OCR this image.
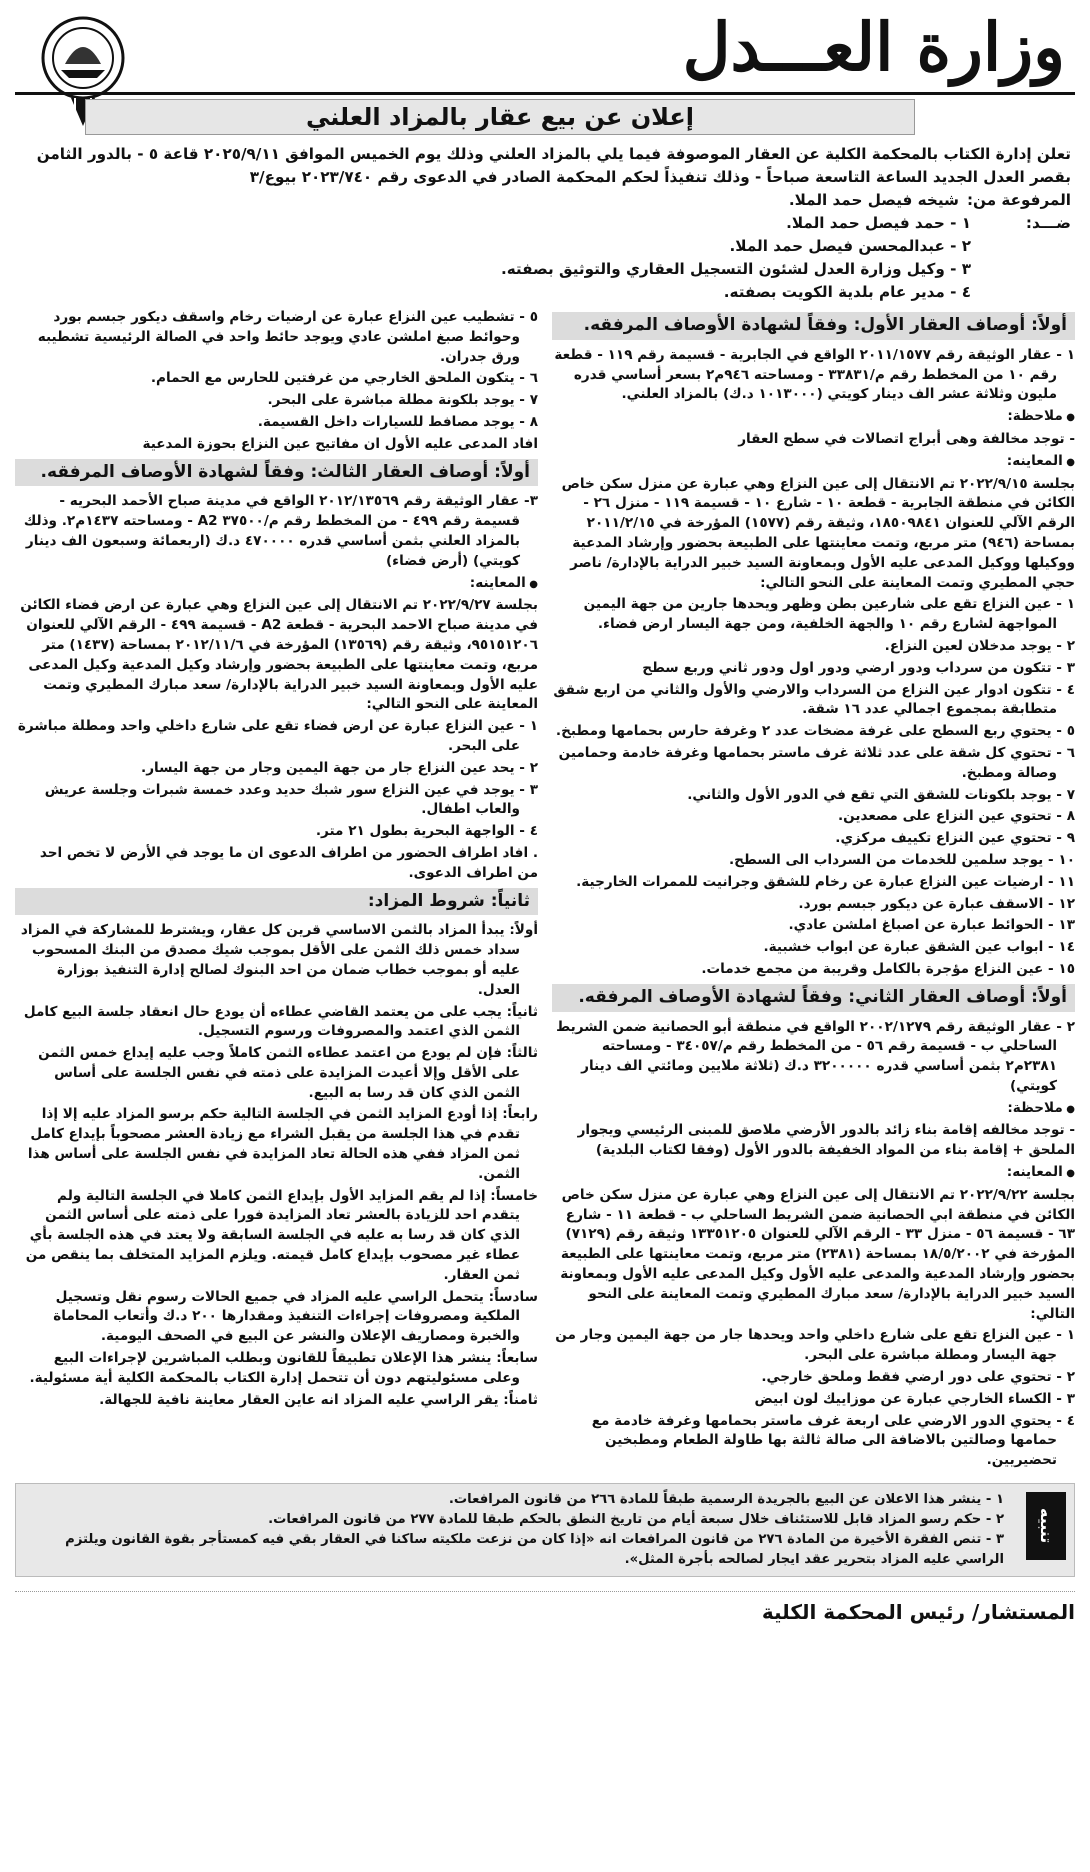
وزارة العـــدل
إعلان عن بيع عقار بالمزاد العلني

تعلن إدارة الكتاب بالمحكمة الكلية عن العقار الموصوفة فيما يلي بالمزاد العلني وذلك يوم الخميس الموافق ٢٠٢٥/٩/١١ قاعة ٥ - بالدور الثامن بقصر العدل الجديد الساعة التاسعة صباحاً - وذلك تنفيذاً لحكم المحكمة الصادر في الدعوى رقم ٢٠٢٣/٧٤٠ بيوع/٣

المرفوعة من:
شيخه فيصل حمد الملا.
ضـــد:
١ - حمد فيصل حمد الملا.

٢ - عبدالمحسن فيصل حمد الملا.

٣ - وكيل وزارة العدل لشئون التسجيل العقاري والتوثيق بصفته.

٤ - مدير عام بلدية الكويت بصفته.

أولاً: أوصاف العقار الأول: وفقاً لشهادة الأوصاف المرفقه.

١ - عقار الوثيقة رقم ٢٠١١/١٥٧٧ الواقع في الجابرية - قسيمة رقم ١١٩ - قطعة رقم ١٠ من المخطط رقم م/٣٣٨٣١ - ومساحته ٩٤٦م٢ بسعر أساسي قدره مليون وثلاثة عشر الف دينار كويتي (١٠١٣٠٠٠ د.ك) بالمزاد العلني.

● ملاحظة:

- توجد مخالفة وهى أبراج اتصالات في سطح العقار

● المعاينه:

بجلسة ٢٠٢٢/٩/١٥ تم الانتقال إلى عين النزاع وهي عبارة عن منزل سكن خاص الكائن في منطقة الجابرية - قطعة ١٠ - شارع ١٠ - قسيمة ١١٩ - منزل ٢٦ - الرقم الآلي للعنوان ١٨٥٠٩٨٤١، وثيقة رقم (١٥٧٧) المؤرخة في ٢٠١١/٢/١٥ بمساحة (٩٤٦) متر مربع، وتمت معاينتها على الطبيعة بحضور وإرشاد المدعية ووكيلها ووكيل المدعى عليه الأول وبمعاونة السيد خبير الدراية بالإدارة/ ناصر حجي المطيري وتمت المعاينة على النحو التالي:

١ - عين النزاع تقع على شارعين بطن وظهر ويحدها جارين من جهة اليمين المواجهة لشارع رقم ١٠ والجهة الخلفية، ومن جهة اليسار ارض فضاء.

٢ - يوجد مدخلان لعين النزاع.

٣ - تتكون من سرداب ودور ارضي ودور اول ودور ثاني وربع سطح

٤ - تتكون ادوار عين النزاع من السرداب والارضي والأول والثاني من اربع شقق متطابقة بمجموع اجمالي عدد ١٦ شقة.

٥ - يحتوي ربع السطح على غرفة مضخات عدد ٢ وغرفة حارس بحمامها ومطبخ.

٦ - تحتوي كل شقة على عدد ثلاثة غرف ماستر بحمامها وغرفة خادمة وحمامين وصالة ومطبخ.

٧ - يوجد بلكونات للشقق التي تقع في الدور الأول والثاني.

٨ - تحتوي عين النزاع على مصعدين.

٩ - تحتوي عين النزاع تكييف مركزي.

١٠ - يوجد سلمين للخدمات من السرداب الى السطح.

١١ - ارضيات عين النزاع عبارة عن رخام للشقق وجرانيت للممرات الخارجية.

١٢ - الاسقف عبارة عن ديكور جبسم بورد.

١٣ - الحوائط عبارة عن اصباغ املشن عادي.

١٤ - ابواب عين الشقق عبارة عن ابواب خشبية.

١٥ - عين النزاع مؤجرة بالكامل وقريبة من مجمع خدمات.

أولاً: أوصاف العقار الثاني: وفقاً لشهادة الأوصاف المرفقه.

٢ - عقار الوثيقة رقم ٢٠٠٢/١٢٧٩ الواقع في منطقة أبو الحصانية ضمن الشريط الساحلي ب - قسيمة رقم ٥٦ - من المخطط رقم م/٣٤٠٥٧ - ومساحته ٢٣٨١م٢ بثمن أساسي قدره ٣٢٠٠٠٠٠ د.ك (ثلاثة ملايين ومائتي الف دينار كويتي)

● ملاحظة:

- توجد مخالفه إقامة بناء زائد بالدور الأرضي ملاصق للمبنى الرئيسي ويجوار الملحق + إقامة بناء من المواد الخفيفة بالدور الأول (وفقا لكتاب البلدية)

● المعاينه:

بجلسة ٢٠٢٢/٩/٢٢ تم الانتقال إلى عين النزاع وهي عبارة عن منزل سكن خاص الكائن في منطقة ابي الحصانية ضمن الشريط الساحلي ب - قطعة ١١ - شارع ٦٣ - قسيمة ٥٦ - منزل ٣٣ - الرقم الآلي للعنوان ١٣٣٥١٢٠٥ وثيقة رقم (٧١٢٩) المؤرخة في ١٨/٥/٢٠٠٢ بمساحة (٢٣٨١) متر مربع، وتمت معاينتها على الطبيعة بحضور وإرشاد المدعية والمدعى عليه الأول وكيل المدعى عليه الأول وبمعاونة السيد خبير الدراية بالإدارة/ سعد مبارك المطيري وتمت المعاينة على النحو التالي:

١ - عين النزاع تقع على شارع داخلي واحد ويحدها جار من جهة اليمين وجار من جهة اليسار ومطلة مباشرة على البحر.

٢ - تحتوي على دور ارضي فقط وملحق خارجي.

٣ - الكساء الخارجي عبارة عن موزاييك لون ابيض

٤ - يحتوي الدور الارضي على اربعة غرف ماستر بحمامها وغرفة خادمة مع حمامها وصالتين بالاضافة الى صالة ثالثة بها طاولة الطعام ومطبخين تحضيريين.

٥ - تشطيب عين النزاع عبارة عن ارضيات رخام واسقف ديكور جبسم بورد وحوائط صبغ املشن عادي ويوجد حائط واحد في الصالة الرئيسية تشطيبه ورق جدران.

٦ - يتكون الملحق الخارجي من غرفتين للحارس مع الحمام.

٧ - يوجد بلكونة مطلة مباشرة على البحر.

٨ - يوجد مصافط للسيارات داخل القسيمة.

افاد المدعى عليه الأول ان مفاتيح عين النزاع بحوزة المدعية

أولاً: أوصاف العقار الثالث: وفقاً لشهادة الأوصاف المرفقه.

٣- عقار الوثيقة رقم ٢٠١٢/١٣٥٦٩ الواقع في مدينة صباح الأحمد البحريه - قسيمة رقم ٤٩٩ - من المخطط رقم م/٣٧٥٠٠ A2 - ومساحته ١٤٣٧م٢. وذلك بالمزاد العلني بثمن أساسي قدره ٤٧٠٠٠٠ د.ك (اربعمائة وسبعون الف دينار كويتي) (أرض فضاء)

● المعاينه:

بجلسة ٢٠٢٢/٩/٢٧ تم الانتقال إلى عين النزاع وهي عبارة عن ارض فضاء الكائن في مدينة صباح الاحمد البحرية - قطعة A2 - قسيمة ٤٩٩ - الرقم الآلي للعنوان ٩٥١٥١٢٠٦، وثيقة رقم (١٣٥٦٩) المؤرخة في ٢٠١٢/١١/٦ بمساحة (١٤٣٧) متر مربع، وتمت معاينتها على الطبيعة بحضور وإرشاد وكيل المدعية وكيل المدعى عليه الأول وبمعاونة السيد خبير الدراية بالإدارة/ سعد مبارك المطيري وتمت المعاينة على النحو التالي:

١ - عين النزاع عبارة عن ارض فضاء تقع على شارع داخلي واحد ومطلة مباشرة على البحر.

٢ - يحد عين النزاع جار من جهة اليمين وجار من جهة اليسار.

٣ - يوجد في عين النزاع سور شبك حديد وعدد خمسة شبرات وجلسة عريش والعاب اطفال.

٤ - الواجهة البحرية بطول ٢١ متر.

. افاد اطراف الحضور من اطراف الدعوى ان ما يوجد في الأرض لا تخص احد من اطراف الدعوى.

ثانياً: شروط المزاد:

أولاً: يبدأ المزاد بالثمن الاساسي قرين كل عقار، ويشترط للمشاركة في المزاد سداد خمس ذلك الثمن على الأقل بموجب شيك مصدق من البنك المسحوب عليه أو بموجب خطاب ضمان من احد البنوك لصالح إدارة التنفيذ بوزارة العدل.

ثانياً: يجب على من يعتمد القاضي عطاءه أن يودع حال انعقاد جلسة البيع كامل الثمن الذي اعتمد والمصروفات ورسوم التسجيل.

ثالثاً: فإن لم يودع من اعتمد عطاءه الثمن كاملاً وجب عليه إيداع خمس الثمن على الأقل وإلا أعيدت المزايدة على ذمته في نفس الجلسة على أساس الثمن الذي كان قد رسا به البيع.

رابعاً: إذا أودع المزايد الثمن في الجلسة التالية حكم برسو المزاد عليه إلا إذا تقدم في هذا الجلسة من يقبل الشراء مع زيادة العشر مصحوباً بإيداع كامل ثمن المزاد ففي هذه الحالة تعاد المزايدة في نفس الجلسة على أساس هذا الثمن.

خامساً: إذا لم يقم المزايد الأول بإيداع الثمن كاملا في الجلسة التالية ولم يتقدم احد للزيادة بالعشر تعاد المزايدة فورا على ذمته على أساس الثمن الذي كان قد رسا به عليه في الجلسة السابقة ولا يعتد في هذه الجلسة بأي عطاء غير مصحوب بإيداع كامل قيمته. ويلزم المزايد المتخلف بما ينقص من ثمن العقار.

سادساً: يتحمل الراسي عليه المزاد في جميع الحالات رسوم نقل وتسجيل الملكية ومصروفات إجراءات التنفيذ ومقدارها ٢٠٠ د.ك وأتعاب المحاماة والخبرة ومصاريف الإعلان والنشر عن البيع في الصحف اليومية.

سابعاً: ينشر هذا الإعلان تطبيقاً للقانون وبطلب المباشرين لإجراءات البيع وعلى مسئوليتهم دون أن تتحمل إدارة الكتاب بالمحكمة الكلية أية مسئولية.

ثامناً: يقر الراسي عليه المزاد انه عاين العقار معاينة نافية للجهالة.

تنبيه

١ - ينشر هذا الاعلان عن البيع بالجريدة الرسمية طبقاً للمادة ٢٦٦ من قانون المرافعات.

٢ - حكم رسو المزاد قابل للاستئناف خلال سبعة أيام من تاريخ النطق بالحكم طبقا للمادة ٢٧٧ من قانون المرافعات.

٣ - تنص الفقرة الأخيرة من المادة ٢٧٦ من قانون المرافعات انه «إذا كان من نزعت ملكيته ساكنا في العقار بقي فيه كمستأجر بقوة القانون ويلتزم الراسي عليه المزاد بتحرير عقد ايجار لصالحه بأجرة المثل».

المستشار/ رئيس المحكمة الكلية
